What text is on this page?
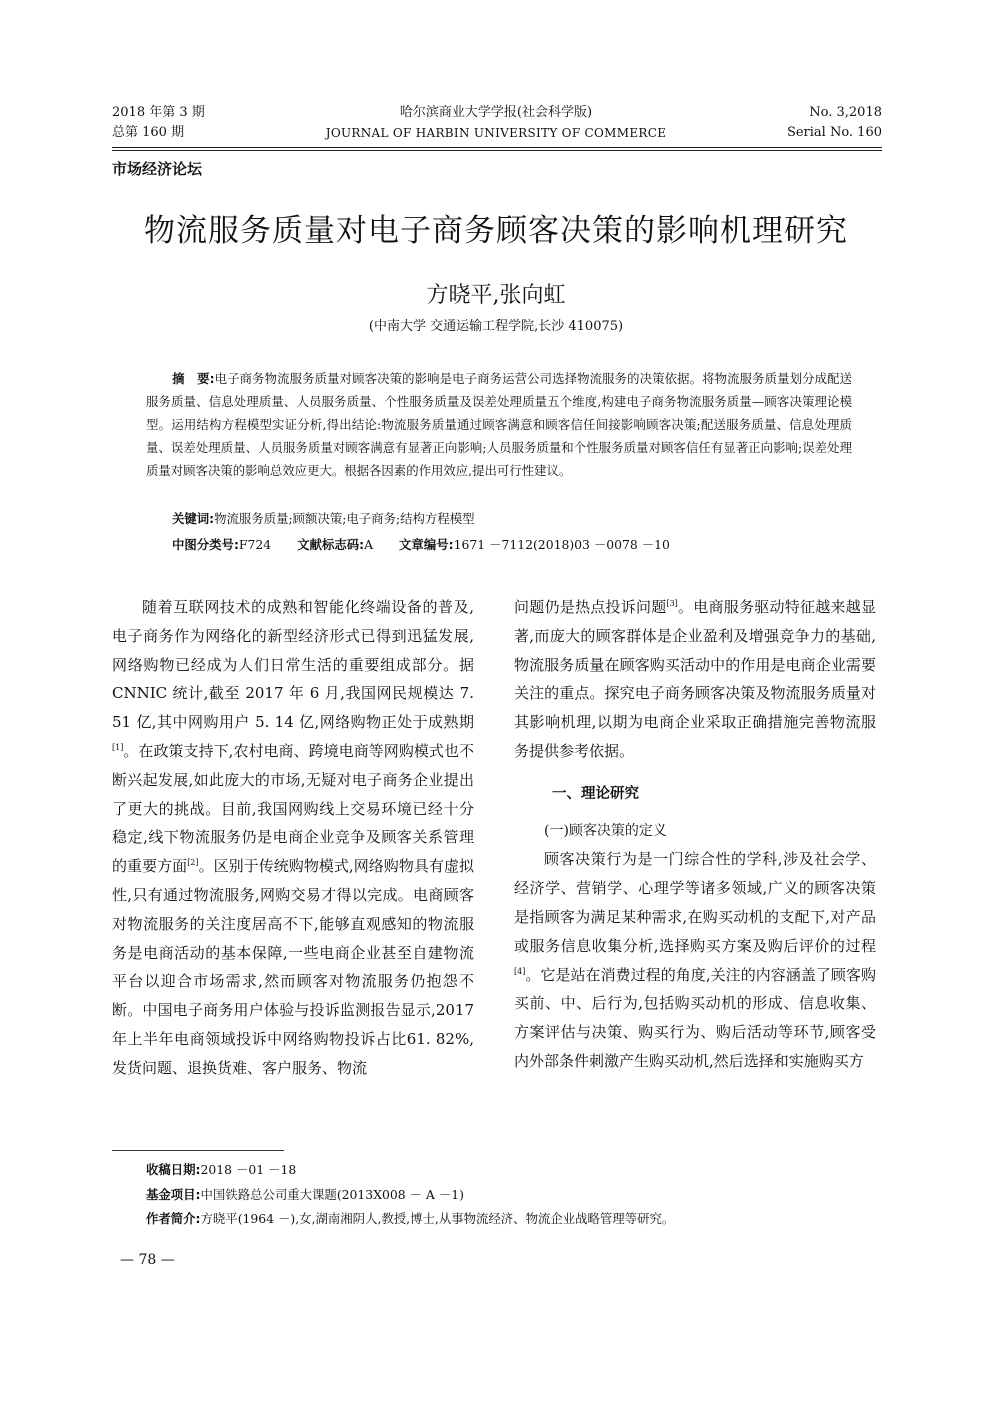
2018 年第 3 期
总第 160 期
哈尔滨商业大学学报(社会科学版)
JOURNAL OF HARBIN UNIVERSITY OF COMMERCE
No. 3,2018
Serial No. 160
市场经济论坛
物流服务质量对电子商务顾客决策的影响机理研究
方晓平,张向虹
(中南大学 交通运输工程学院,长沙 410075)
摘　要:电子商务物流服务质量对顾客决策的影响是电子商务运营公司选择物流服务的决策依据。将物流服务质量划分成配送服务质量、信息处理质量、人员服务质量、个性服务质量及误差处理质量五个维度,构建电子商务物流服务质量—顾客决策理论模型。运用结构方程模型实证分析,得出结论:物流服务质量通过顾客满意和顾客信任间接影响顾客决策;配送服务质量、信息处理质量、误差处理质量、人员服务质量对顾客满意有显著正向影响;人员服务质量和个性服务质量对顾客信任有显著正向影响;误差处理质量对顾客决策的影响总效应更大。根据各因素的作用效应,提出可行性建议。
关键词:物流服务质量;顾额决策;电子商务;结构方程模型
中图分类号:F724 文献标志码:A 文章编号:1671 －7112(2018)03 －0078 －10

随着互联网技术的成熟和智能化终端设备的普及,电子商务作为网络化的新型经济形式已得到迅猛发展,网络购物已经成为人们日常生活的重要组成部分。据 CNNIC 统计,截至 2017 年 6 月,我国网民规模达 7. 51 亿,其中网购用户 5. 14 亿,网络购物正处于成熟期[1]。在政策支持下,农村电商、跨境电商等网购模式也不断兴起发展,如此庞大的市场,无疑对电子商务企业提出了更大的挑战。目前,我国网购线上交易环境已经十分稳定,线下物流服务仍是电商企业竞争及顾客关系管理的重要方面[2]。区别于传统购物模式,网络购物具有虚拟性,只有通过物流服务,网购交易才得以完成。电商顾客对物流服务的关注度居高不下,能够直观感知的物流服务是电商活动的基本保障,一些电商企业甚至自建物流平台以迎合市场需求,然而顾客对物流服务仍抱怨不断。中国电子商务用户体验与投诉监测报告显示,2017 年上半年电商领域投诉中网络购物投诉占比61. 82%,发货问题、退换货难、客户服务、物流

问题仍是热点投诉问题[3]。电商服务驱动特征越来越显著,而庞大的顾客群体是企业盈利及增强竞争力的基础,物流服务质量在顾客购买活动中的作用是电商企业需要关注的重点。探究电子商务顾客决策及物流服务质量对其影响机理,以期为电商企业采取正确措施完善物流服务提供参考依据。

一、理论研究
(一)顾客决策的定义

顾客决策行为是一门综合性的学科,涉及社会学、经济学、营销学、心理学等诸多领域,广义的顾客决策是指顾客为满足某种需求,在购买动机的支配下,对产品或服务信息收集分析,选择购买方案及购后评价的过程[4]。它是站在消费过程的角度,关注的内容涵盖了顾客购买前、中、后行为,包括购买动机的形成、信息收集、方案评估与决策、购买行为、购后活动等环节,顾客受内外部条件刺激产生购买动机,然后选择和实施购买方

收稿日期:2018 －01 －18
基金项目:中国铁路总公司重大课题(2013X008 － A －1)
作者简介:方晓平(1964 －),女,湖南湘阴人,教授,博士,从事物流经济、物流企业战略管理等研究。
— 78 —
